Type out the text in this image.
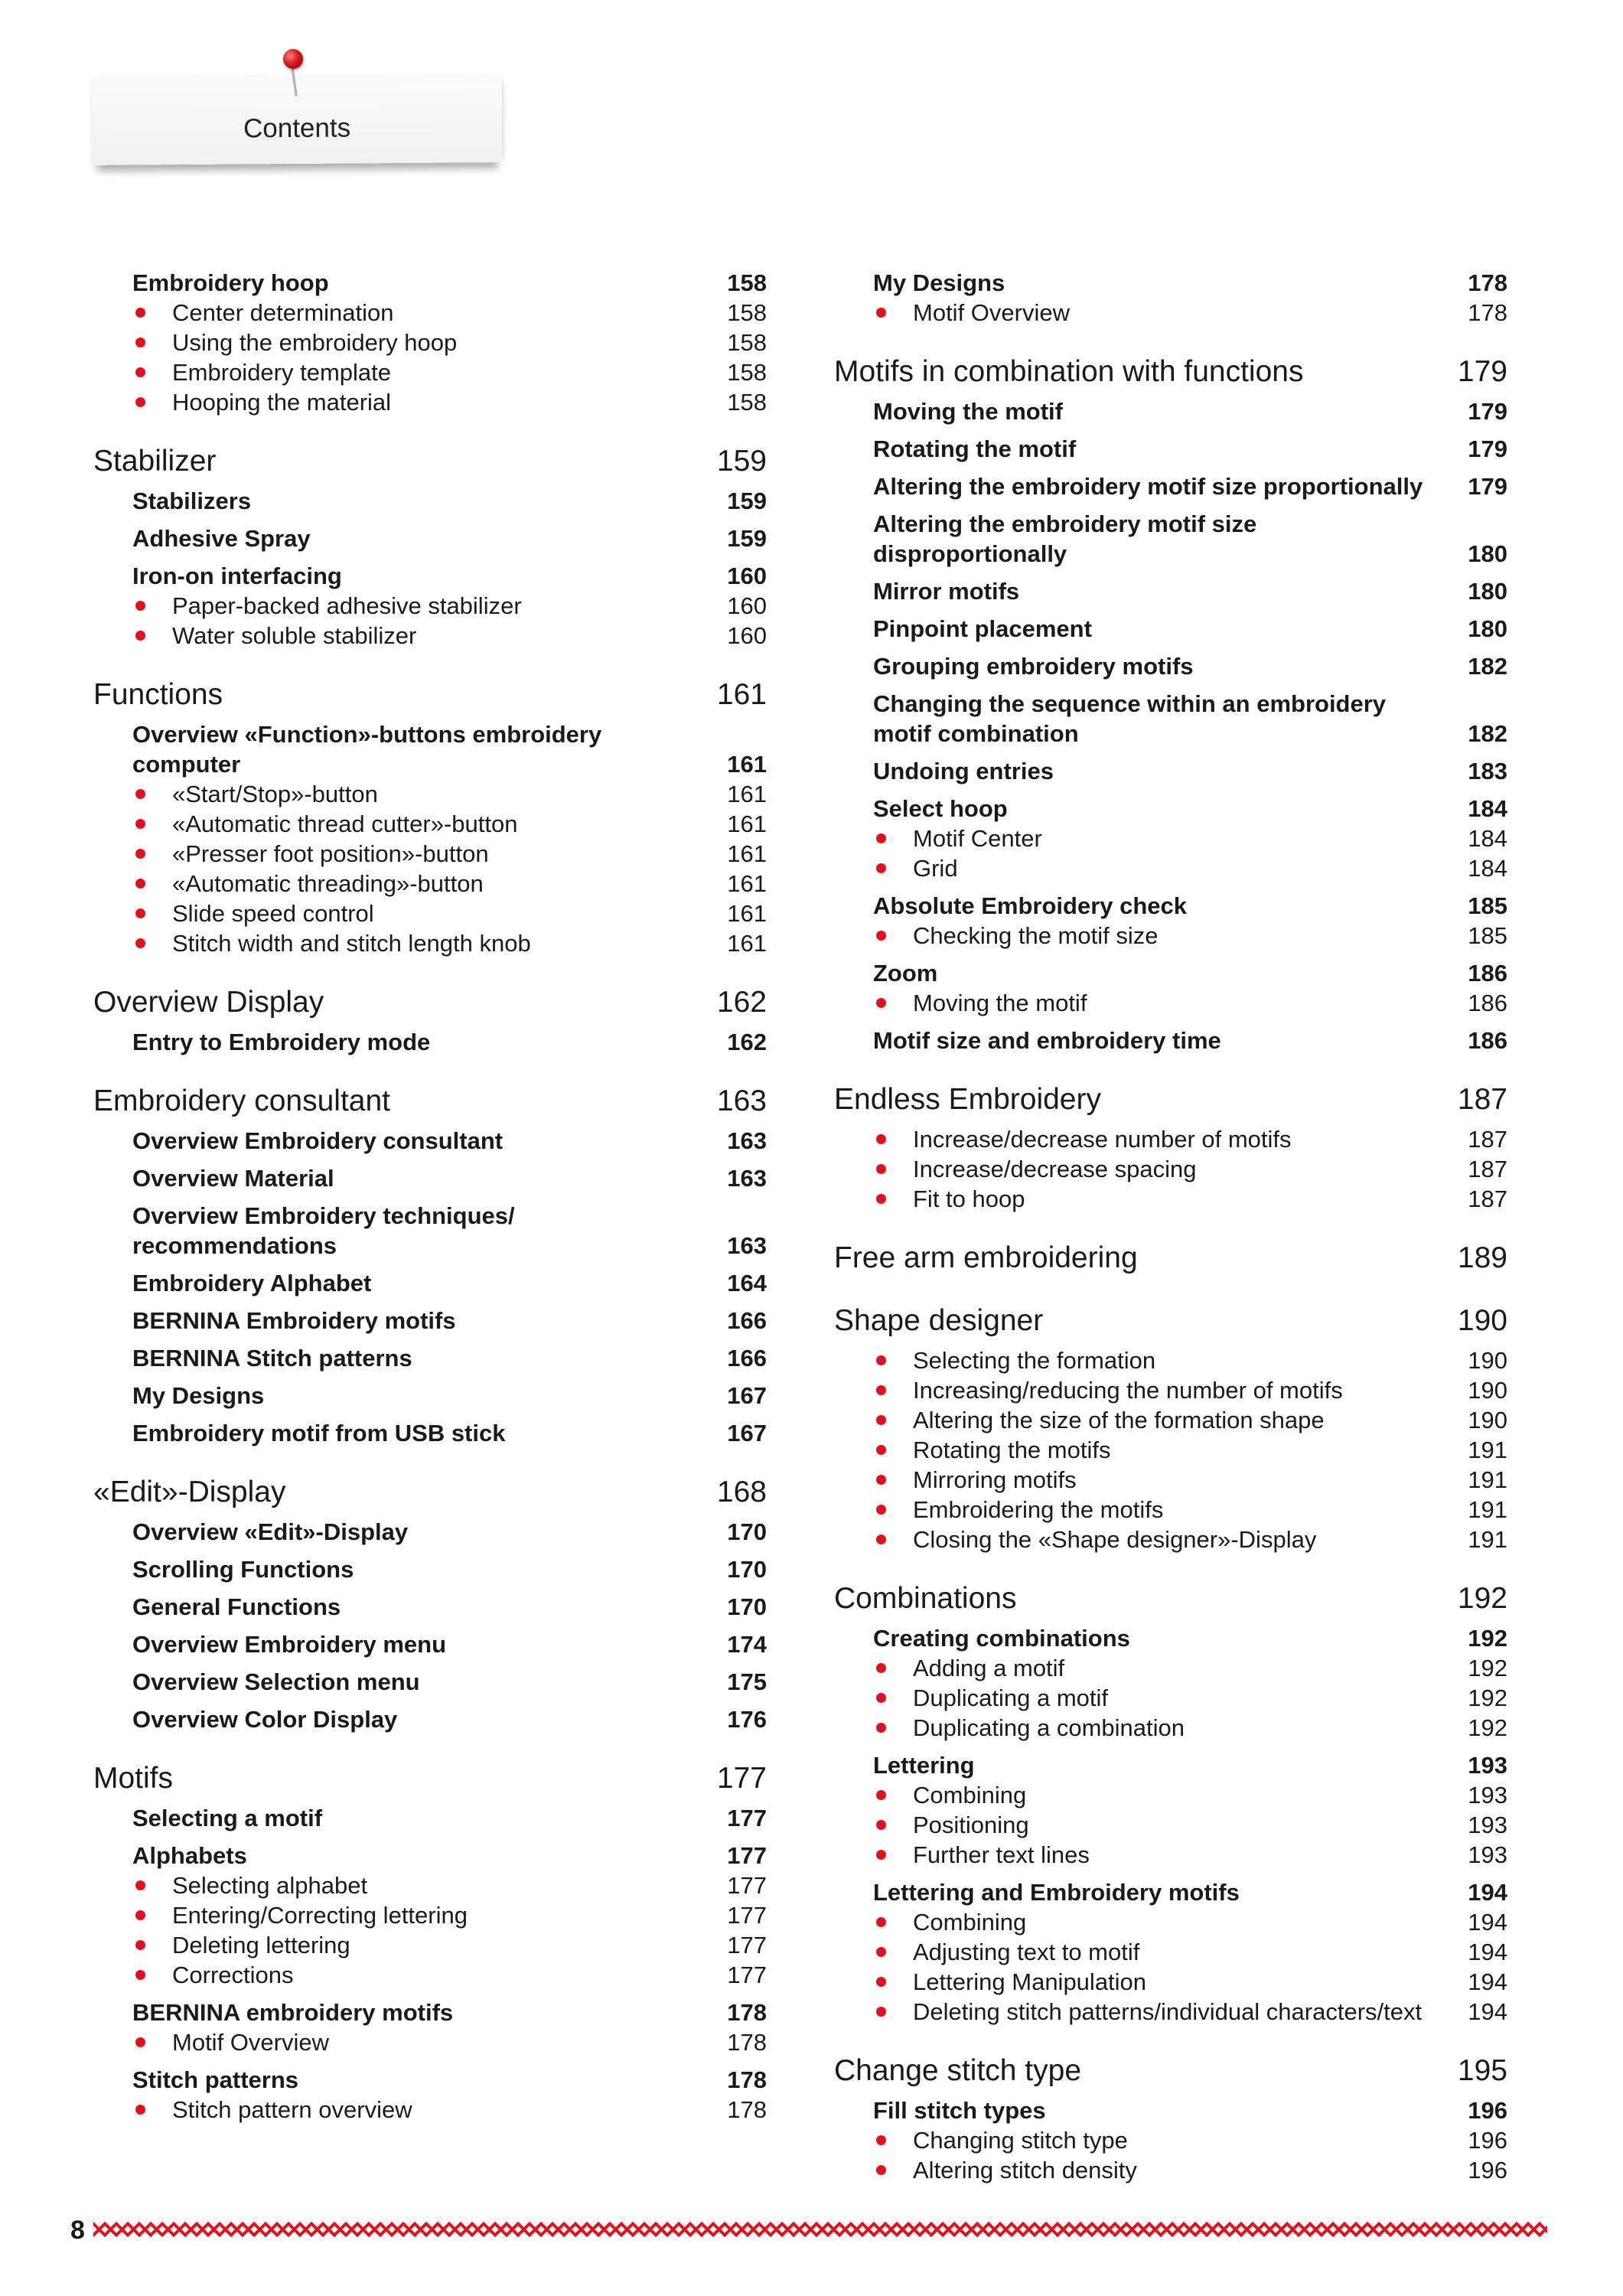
Contents
Embroidery hoop	158
Center determination	158
Using the embroidery hoop	158
Embroidery template	158
Hooping the material	158
Stabilizer	159
Stabilizers	159
Adhesive Spray	159
Iron-on interfacing	160
Paper-backed adhesive stabilizer	160
Water soluble stabilizer	160
Functions	161
Overview «Function»-buttons embroidery computer	161
«Start/Stop»-button	161
«Automatic thread cutter»-button	161
«Presser foot position»-button	161
«Automatic threading»-button	161
Slide speed control	161
Stitch width and stitch length knob	161
Overview Display	162
Entry to Embroidery mode	162
Embroidery consultant	163
Overview Embroidery consultant	163
Overview Material	163
Overview Embroidery techniques/ recommendations	163
Embroidery Alphabet	164
BERNINA Embroidery motifs	166
BERNINA Stitch patterns	166
My Designs	167
Embroidery motif from USB stick	167
«Edit»-Display	168
Overview «Edit»-Display	170
Scrolling Functions	170
General Functions	170
Overview Embroidery menu	174
Overview Selection menu	175
Overview Color Display	176
Motifs	177
Selecting a motif	177
Alphabets	177
Selecting alphabet	177
Entering/Correcting lettering	177
Deleting lettering	177
Corrections	177
BERNINA embroidery motifs	178
Motif Overview	178
Stitch patterns	178
Stitch pattern overview	178
My Designs	178
Motif Overview	178
Motifs in combination with functions	179
Moving the motif	179
Rotating the motif	179
Altering the embroidery motif size proportionally 179
Altering the embroidery motif size disproportionally	180
Mirror motifs	180
Pinpoint placement	180
Grouping embroidery motifs	182
Changing the sequence within an embroidery motif combination	182
Undoing entries	183
Select hoop	184
Motif Center	184
Grid	184
Absolute Embroidery check	185
Checking the motif size	185
Zoom	186
Moving the motif	186
Motif size and embroidery time	186
Endless Embroidery	187
Increase/decrease number of motifs	187
Increase/decrease spacing	187
Fit to hoop	187
Free arm embroidering	189
Shape designer	190
Selecting the formation	190
Increasing/reducing the number of motifs	190
Altering the size of the formation shape	190
Rotating the motifs	191
Mirroring motifs	191
Embroidering the motifs	191
Closing the «Shape designer»-Display	191
Combinations	192
Creating combinations	192
Adding a motif	192
Duplicating a motif	192
Duplicating a combination	192
Lettering	193
Combining	193
Positioning	193
Further text lines	193
Lettering and Embroidery motifs	194
Combining	194
Adjusting text to motif	194
Lettering Manipulation	194
Deleting stitch patterns/individual characters/text 194
Change stitch type	195
Fill stitch types	196
Changing stitch type	196
Altering stitch density	196
8
